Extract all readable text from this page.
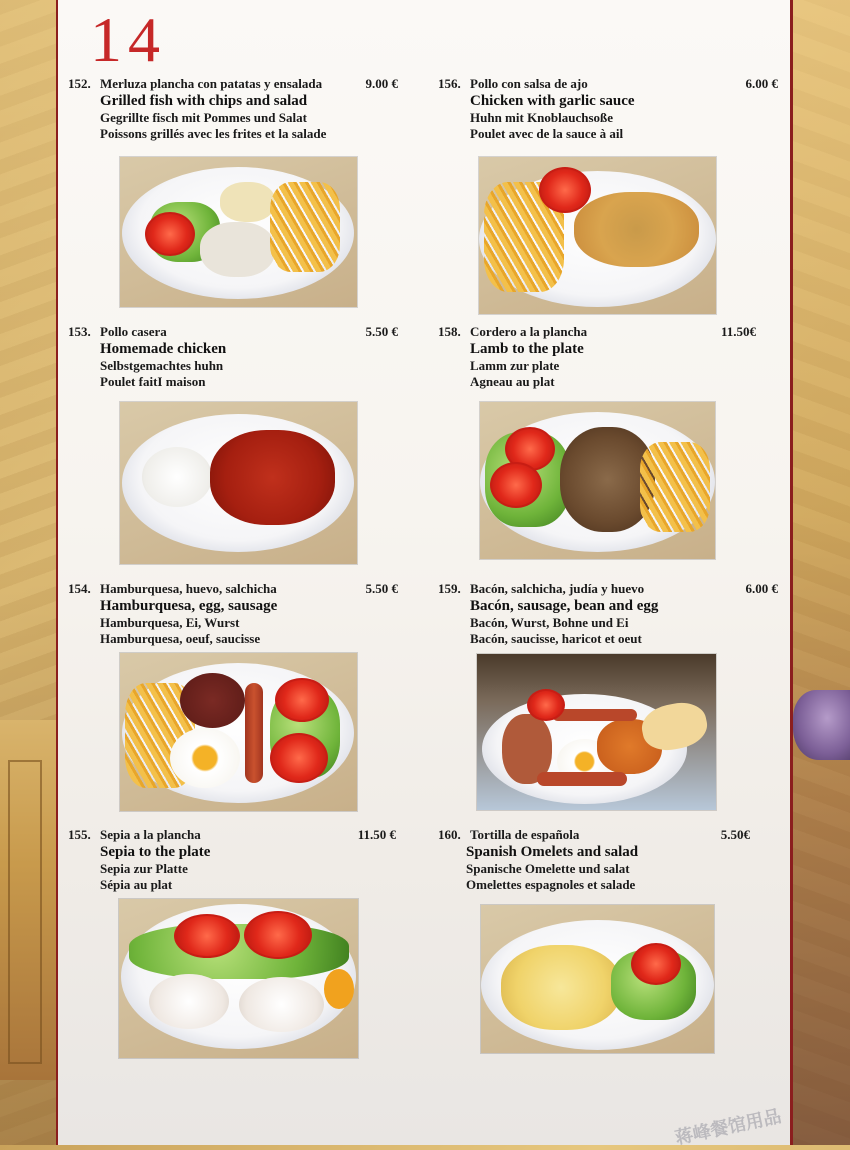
14
152. Merluza plancha con patatas y ensalada	9.00 €
Grilled fish with chips and salad
Gegrillte fisch mit Pommes und Salat
Poissons grillés avec les frites et la salade
156. Pollo con salsa de ajo	6.00 €
Chicken with garlic sauce
Huhn mit Knoblauchsoße
Poulet avec de la sauce à ail
153. Pollo casera	5.50 €
Homemade chicken
Selbstgemachtes huhn
Poulet faitI maison
158. Cordero a la plancha	11.50€
Lamb to the plate
Lamm zur plate
Agneau au plat
154. Hamburquesa, huevo, salchicha	5.50 €
Hamburquesa, egg, sausage
Hamburquesa, Ei, Wurst
Hamburquesa, oeuf, saucisse
159. Bacón, salchicha, judía y huevo	6.00 €
Bacón, sausage, bean and egg
Bacón, Wurst, Bohne und Ei
Bacón, saucisse, haricot et oeut
155. Sepia a la plancha	11.50 €
Sepia to the plate
Sepia zur Platte
Sépia au plat
160. Tortilla de española	5.50€
Spanish Omelets and salad
Spanische Omelette und salat
Omelettes espagnoles et salade
蒋峰餐馆用品
